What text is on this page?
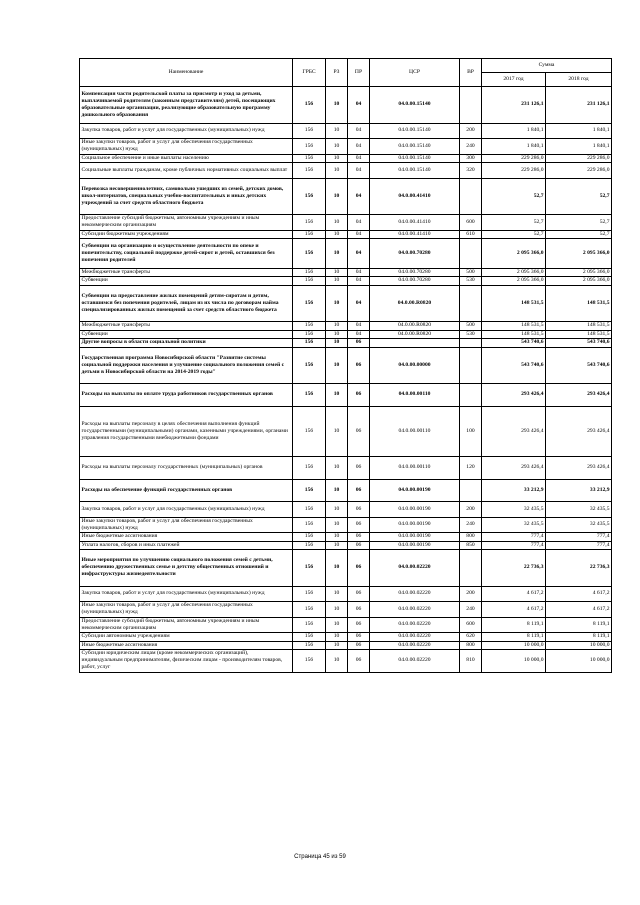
Наименование	ГРБС	РЗ	ПР	ЦСР	ВР	Сумма	
						2017 год	2018 год
Компенсация части родительской платы за присмотр и уход за детьми, выплачиваемой родителям (законным представителям) детей, посещающих образовательные организации, реализующие образовательную программу дошкольного образования	156	10	04	04.0.00.15140		231 126,1	231 126,1
Закупка товаров, работ и услуг для государственных (муниципальных) нужд	156	10	04	04.0.00.15140	200	1 840,1	1 840,1
Иные закупки товаров, работ и услуг для обеспечения государственных (муниципальных) нужд	156	10	04	04.0.00.15140	240	1 840,1	1 840,1
Социальное обеспечение и иные выплаты населению	156	10	04	04.0.00.15140	300	229 286,0	229 286,0
Социальные выплаты гражданам, кроме публичных нормативных социальных выплат	156	10	04	04.0.00.15140	320	229 286,0	229 286,0
Перевозка несовершеннолетних, самовольно ушедших из семей, детских домов, школ-интернатов, специальных учебно-воспитательных и иных детских учреждений за счет средств областного бюджета	156	10	04	04.0.00.41410		52,7	52,7
Предоставление субсидий бюджетным, автономным учреждениям и иным некоммерческим организациям	156	10	04	04.0.00.41410	600	52,7	52,7
Субсидии бюджетным учреждениям	156	10	04	04.0.00.41410	610	52,7	52,7
Субвенции на организацию и осуществление деятельности по опеке и попечительству, социальной поддержке детей-сирот и детей, оставшихся без попечения родителей	156	10	04	04.0.00.70280		2 095 366,0	2 095 366,0
Межбюджетные трансферты	156	10	04	04.0.00.70280	500	2 095 366,0	2 095 366,0
Субвенции	156	10	04	04.0.00.70280	530	2 095 366,0	2 095 366,0
Субвенции на предоставление жилых помещений детям-сиротам и детям, оставшимся без попечения родителей, лицам из их числа по договорам найма специализированных жилых помещений за счет средств областного бюджета	156	10	04	04.0.00.R0820		148 531,5	148 531,5
Межбюджетные трансферты	156	10	04	04.0.00.R0820	500	148 531,5	148 531,5
Субвенции	156	10	04	04.0.00.R0820	530	148 531,5	148 531,5
Другие вопросы в области социальной политики	156	10	06			543 740,6	543 740,6
Государственная программа Новосибирской области "Развитие системы социальной поддержки населения и улучшение социального положения семей с детьми в Новосибирской области на 2014-2019 годы"	156	10	06	04.0.00.00000		543 740,6	543 740,6
Расходы на выплаты по оплате труда работников государственных органов	156	10	06	04.0.00.00110		293 426,4	293 426,4
Расходы на выплаты персоналу в целях обеспечения выполнения функций государственными (муниципальными) органами, казенными учреждениями, органами управления государственными внебюджетными фондами	156	10	06	04.0.00.00110	100	293 426,4	293 426,4
Расходы на выплаты персоналу государственных (муниципальных) органов	156	10	06	04.0.00.00110	120	293 426,4	293 426,4
Расходы на обеспечение функций государственных органов	156	10	06	04.0.00.00190		33 212,9	33 212,9
Закупка товаров, работ и услуг для государственных (муниципальных) нужд	156	10	06	04.0.00.00190	200	32 435,5	32 435,5
Иные закупки товаров, работ и услуг для обеспечения государственных (муниципальных) нужд	156	10	06	04.0.00.00190	240	32 435,5	32 435,5
Иные бюджетные ассигнования	156	10	06	04.0.00.00190	800	777,4	777,4
Уплата налогов, сборов и иных платежей	156	10	06	04.0.00.00190	850	777,4	777,4
Иные мероприятия по улучшению социального положения семей с детьми, обеспечению дружественных семье и детству общественных отношений и инфраструктуры жизнедеятельности	156	10	06	04.0.00.02220		22 736,3	22 736,3
Закупка товаров, работ и услуг для государственных (муниципальных) нужд	156	10	06	04.0.00.02220	200	4 617,2	4 617,2
Иные закупки товаров, работ и услуг для обеспечения государственных (муниципальных) нужд	156	10	06	04.0.00.02220	240	4 617,2	4 617,2
Предоставление субсидий бюджетным, автономным учреждениям и иным некоммерческим организациям	156	10	06	04.0.00.02220	600	8 119,1	8 119,1
Субсидии автономным учреждениям	156	10	06	04.0.00.02220	620	8 119,1	8 119,1
Иные бюджетные ассигнования	156	10	06	04.0.00.02220	800	10 000,0	10 000,0
Субсидии юридическим лицам (кроме некоммерческих организаций), индивидуальным предпринимателям, физическим лицам - производителям товаров, работ, услуг	156	10	06	04.0.00.02220	810	10 000,0	10 000,0
Страница 45 из 59
